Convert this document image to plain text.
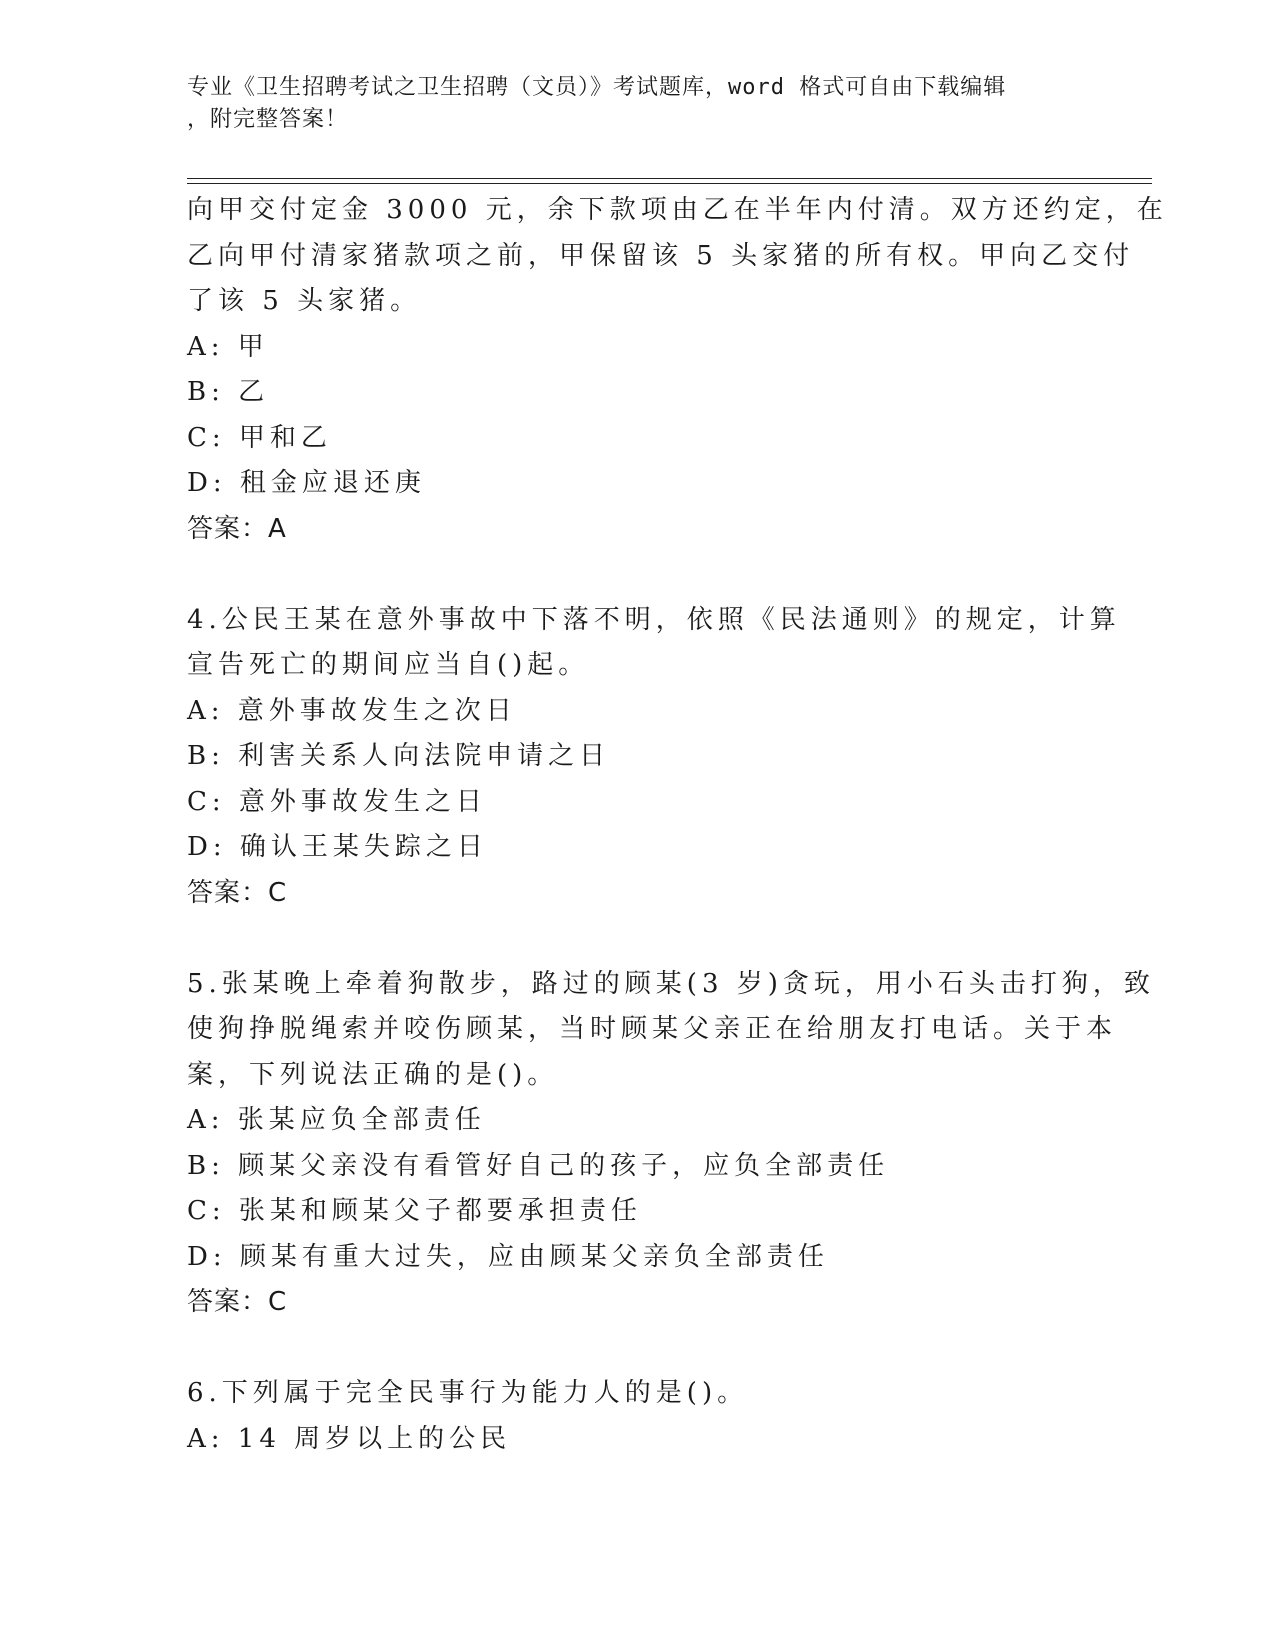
专业《卫生招聘考试之卫生招聘（文员）》考试题库，word 格式可自由下载编辑
，附完整答案！
向甲交付定金 3000 元，余下款项由乙在半年内付清。双方还约定，在
乙向甲付清家猪款项之前，甲保留该 5 头家猪的所有权。甲向乙交付
了该 5 头家猪。
A: 甲
B: 乙
C: 甲和乙
D: 租金应退还庚
答案：A
4.公民王某在意外事故中下落不明，依照《民法通则》的规定，计算
宣告死亡的期间应当自()起。
A: 意外事故发生之次日
B: 利害关系人向法院申请之日
C: 意外事故发生之日
D: 确认王某失踪之日
答案：C
5.张某晚上牵着狗散步，路过的顾某(3 岁)贪玩，用小石头击打狗，致
使狗挣脱绳索并咬伤顾某，当时顾某父亲正在给朋友打电话。关于本
案，下列说法正确的是()。
A: 张某应负全部责任
B: 顾某父亲没有看管好自己的孩子，应负全部责任
C: 张某和顾某父子都要承担责任
D: 顾某有重大过失，应由顾某父亲负全部责任
答案：C
6.下列属于完全民事行为能力人的是()。
A: 14 周岁以上的公民
